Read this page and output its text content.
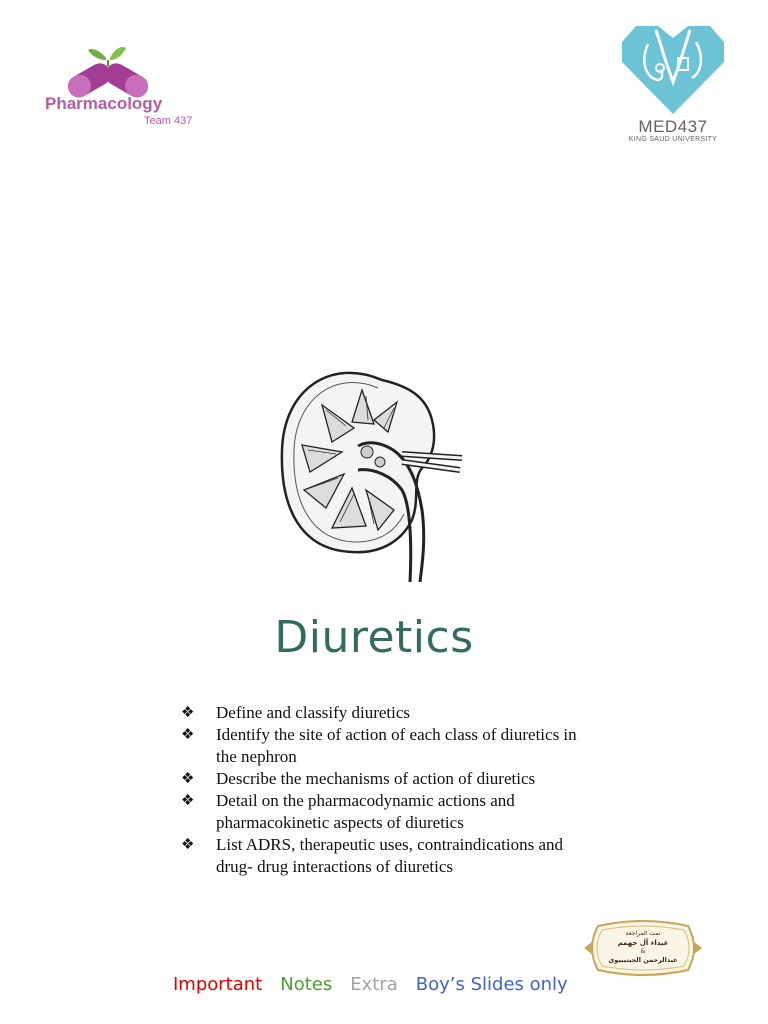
Pharmacology
Team 437	MED437
KING SAUD UNIVERSITY
Diuretics
❖ Define and classify diuretics
❖ Identify the site of action of each class of diuretics in the nephron
❖ Describe the mechanisms of action of diuretics
❖ Detail on the pharmacodynamic actions and pharmacokinetic aspects of diuretics
❖ List ADRS, therapeutic uses, contraindications and drug- drug interactions of diuretics
تمت المراجعة
غيداء آل جهمم
&
عبدالرحمن الخيتيبيوي
Important Notes Extra Boy’s Slides only
